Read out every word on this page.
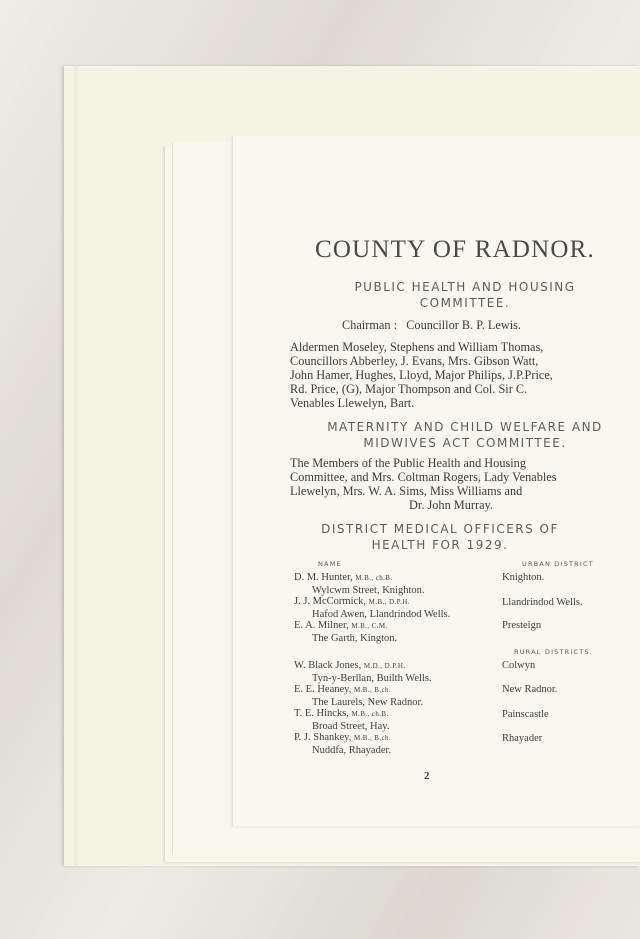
COUNTY OF RADNOR.
PUBLIC HEALTH AND HOUSING
COMMITTEE.
Chairman : Councillor B. P. Lewis.
Aldermen Moseley, Stephens and William Thomas,
Councillors Abberley, J. Evans, Mrs. Gibson Watt,
John Hamer, Hughes, Lloyd, Major Philips, J.P.Price,
Rd. Price, (G), Major Thompson and Col. Sir C.
Venables Llewelyn, Bart.
MATERNITY AND CHILD WELFARE AND
MIDWIVES ACT COMMITTEE.
The Members of the Public Health and Housing
Committee, and Mrs. Coltman Rogers, Lady Venables
Llewelyn, Mrs. W. A. Sims, Miss Williams and
Dr. John Murray.
DISTRICT MEDICAL OFFICERS OF
HEALTH FOR 1929.
NAME	URBAN DISTRICT
D. M. Hunter, M.B., ch.B.
Wylcwm Street, Knighton.
Knighton.
J. J. McCormick, M.B., D.P.H.
Hafod Awen, Llandrindod Wells.
Llandrindod Wells.
E. A. Milner, M.B., C.M.
The Garth, Kington.
Presteign
RURAL DISTRICTS.
W. Black Jones, M.D., D.P.H.
Tyn-y-Berllan, Builth Wells.
Colwyn
E. E. Heaney, M.B., B.ch.
The Laurels, New Radnor.
New Radnor.
T. E. Hincks, M.B., ch.B.
Broad Street, Hay.
Painscastle
P. J. Shankey, M.B., B.ch.
Nuddfa, Rhayader.
Rhayader
2
